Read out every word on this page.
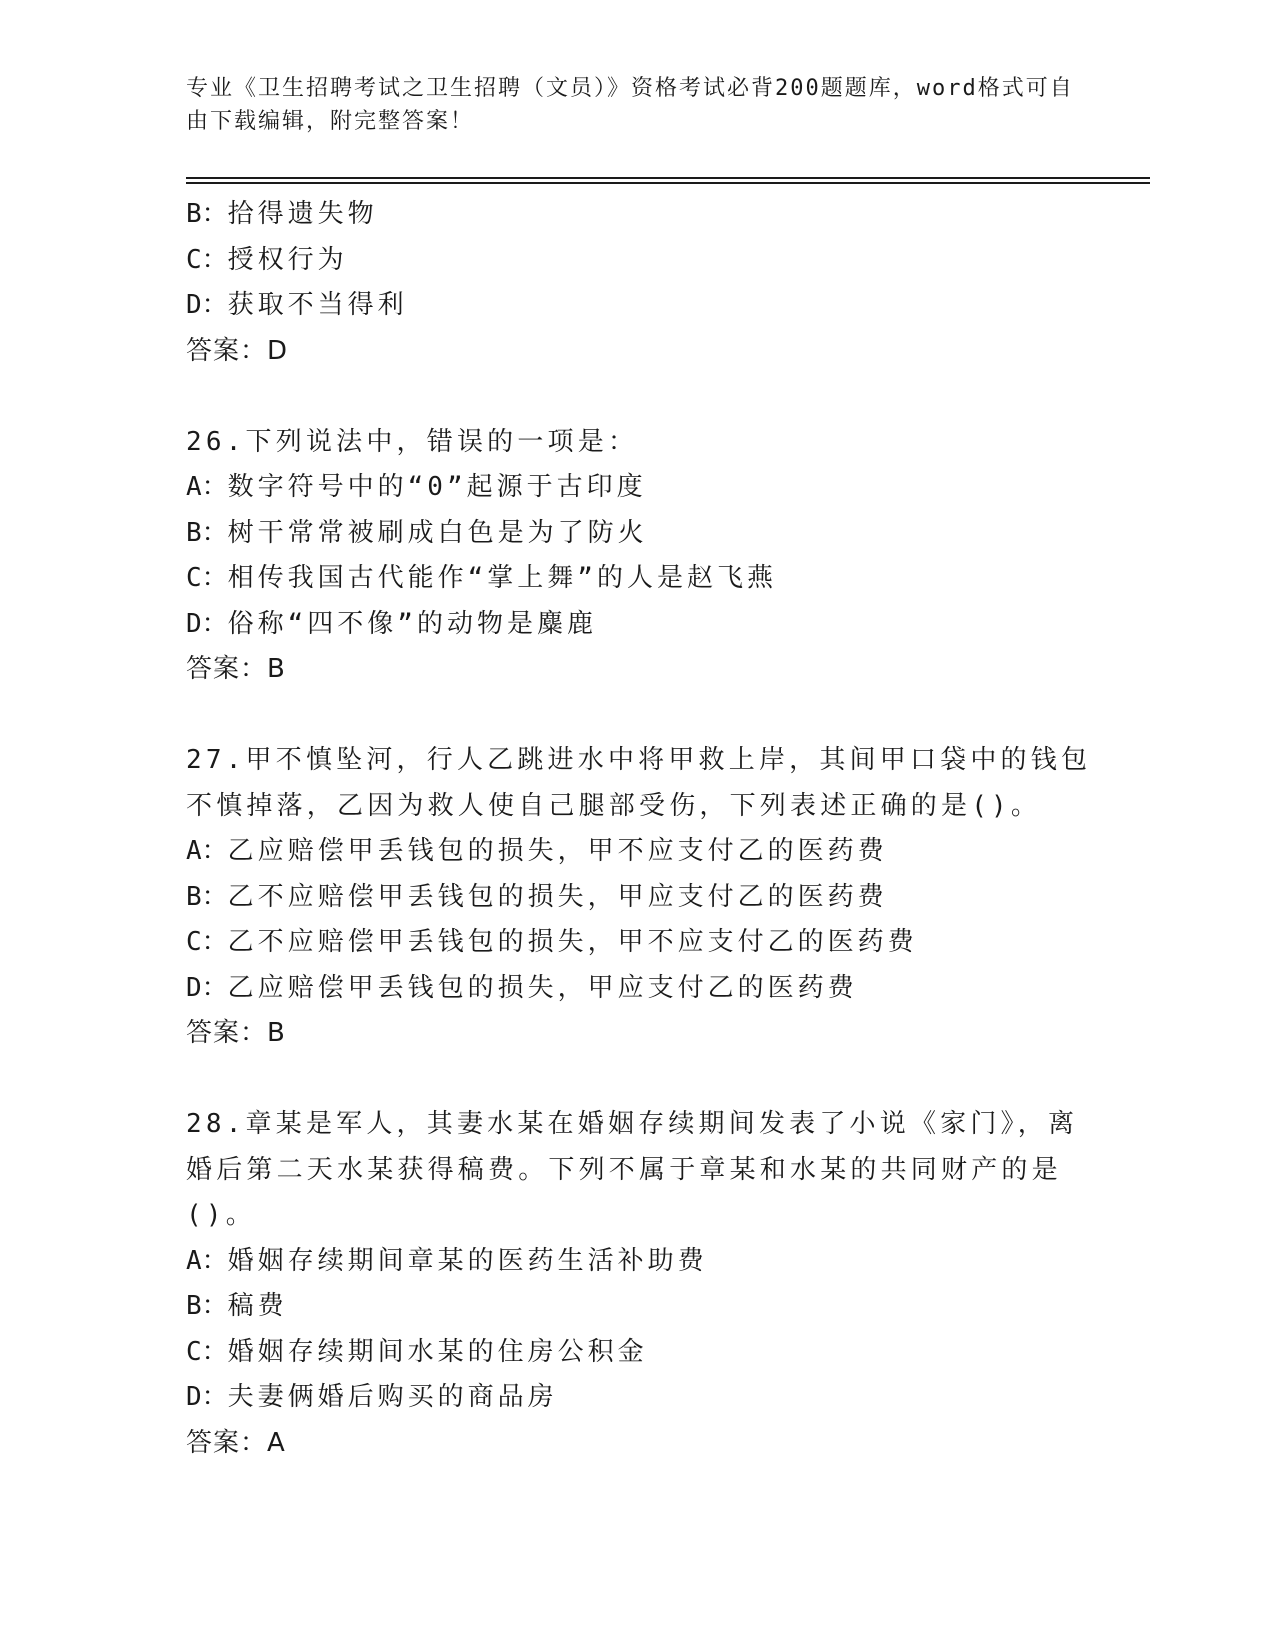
专业《卫生招聘考试之卫生招聘（文员）》资格考试必背200题题库，word格式可自由下载编辑，附完整答案！
B：拾得遗失物
C：授权行为
D：获取不当得利
答案：D
26.下列说法中，错误的一项是：
A：数字符号中的“0”起源于古印度
B：树干常常被刷成白色是为了防火
C：相传我国古代能作“掌上舞”的人是赵飞燕
D：俗称“四不像”的动物是麋鹿
答案：B
27.甲不慎坠河，行人乙跳进水中将甲救上岸，其间甲口袋中的钱包不慎掉落，乙因为救人使自己腿部受伤，下列表述正确的是()。
A：乙应赔偿甲丢钱包的损失，甲不应支付乙的医药费
B：乙不应赔偿甲丢钱包的损失，甲应支付乙的医药费
C：乙不应赔偿甲丢钱包的损失，甲不应支付乙的医药费
D：乙应赔偿甲丢钱包的损失，甲应支付乙的医药费
答案：B
28.章某是军人，其妻水某在婚姻存续期间发表了小说《家门》，离婚后第二天水某获得稿费。下列不属于章某和水某的共同财产的是()。
A：婚姻存续期间章某的医药生活补助费
B：稿费
C：婚姻存续期间水某的住房公积金
D：夫妻俩婚后购买的商品房
答案：A
